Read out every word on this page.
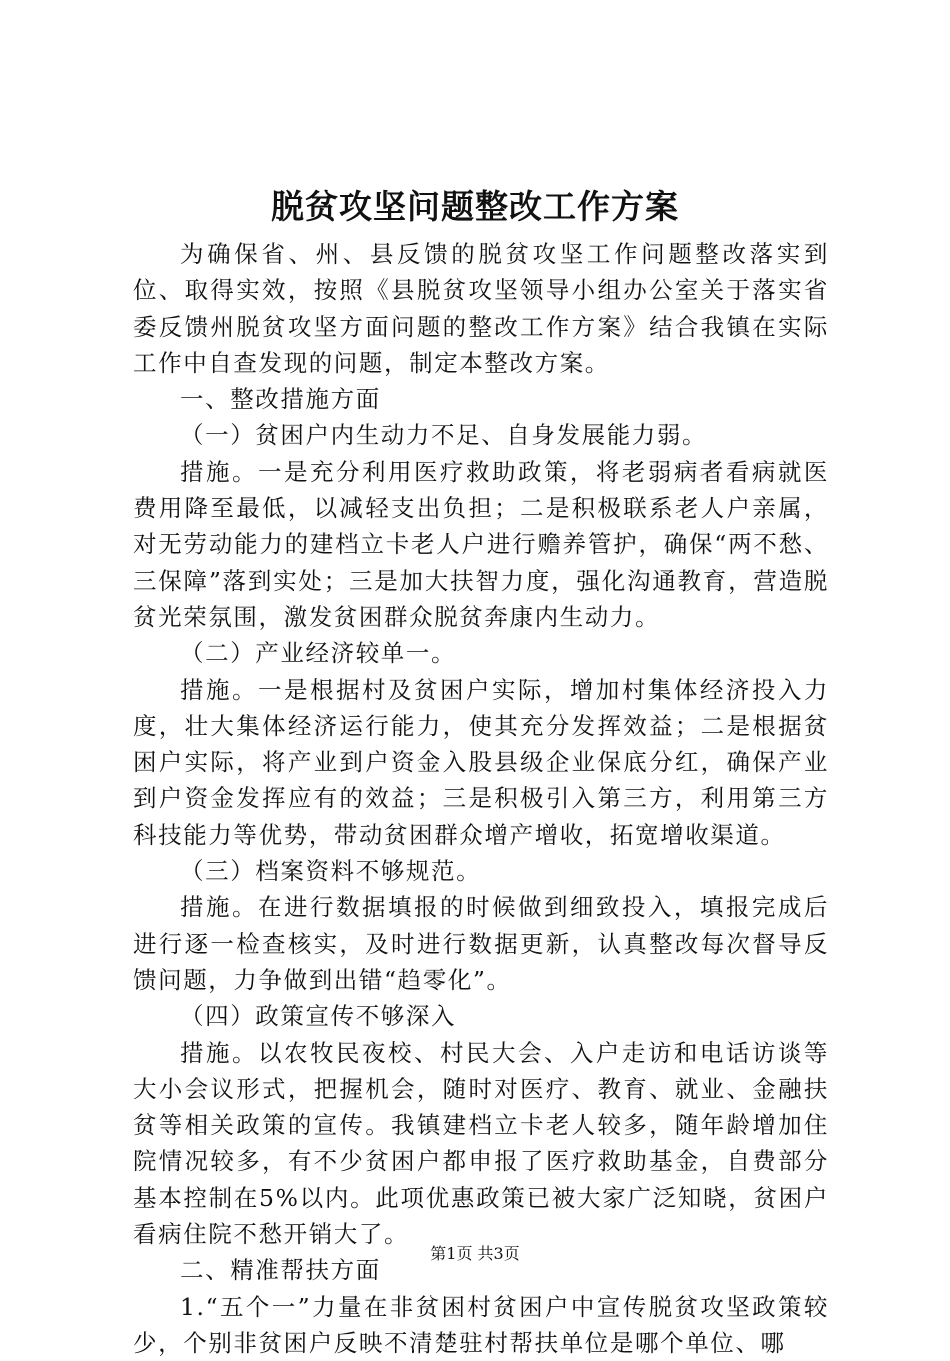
脱贫攻坚问题整改工作方案

为确保省、州、县反馈的脱贫攻坚工作问题整改落实到位、取得实效，按照《县脱贫攻坚领导小组办公室关于落实省委反馈州脱贫攻坚方面问题的整改工作方案》结合我镇在实际工作中自查发现的问题，制定本整改方案。

一、整改措施方面

（一）贫困户内生动力不足、自身发展能力弱。

措施。一是充分利用医疗救助政策，将老弱病者看病就医费用降至最低，以减轻支出负担；二是积极联系老人户亲属，对无劳动能力的建档立卡老人户进行赡养管护，确保“两不愁、三保障”落到实处；三是加大扶智力度，强化沟通教育，营造脱贫光荣氛围，激发贫困群众脱贫奔康内生动力。

（二）产业经济较单一。

措施。一是根据村及贫困户实际，增加村集体经济投入力度，壮大集体经济运行能力，使其充分发挥效益；二是根据贫困户实际，将产业到户资金入股县级企业保底分红，确保产业到户资金发挥应有的效益；三是积极引入第三方，利用第三方科技能力等优势，带动贫困群众增产增收，拓宽增收渠道。

（三）档案资料不够规范。

措施。在进行数据填报的时候做到细致投入，填报完成后进行逐一检查核实，及时进行数据更新，认真整改每次督导反馈问题，力争做到出错“趋零化”。

（四）政策宣传不够深入

措施。以农牧民夜校、村民大会、入户走访和电话访谈等大小会议形式，把握机会，随时对医疗、教育、就业、金融扶贫等相关政策的宣传。我镇建档立卡老人较多，随年龄增加住院情况较多，有不少贫困户都申报了医疗救助基金，自费部分基本控制在5%以内。此项优惠政策已被大家广泛知晓，贫困户看病住院不愁开销大了。

二、精准帮扶方面

1.“五个一”力量在非贫困村贫困户中宣传脱贫攻坚政策较少，个别非贫困户反映不清楚驻村帮扶单位是哪个单位、哪

第1页 共3页
